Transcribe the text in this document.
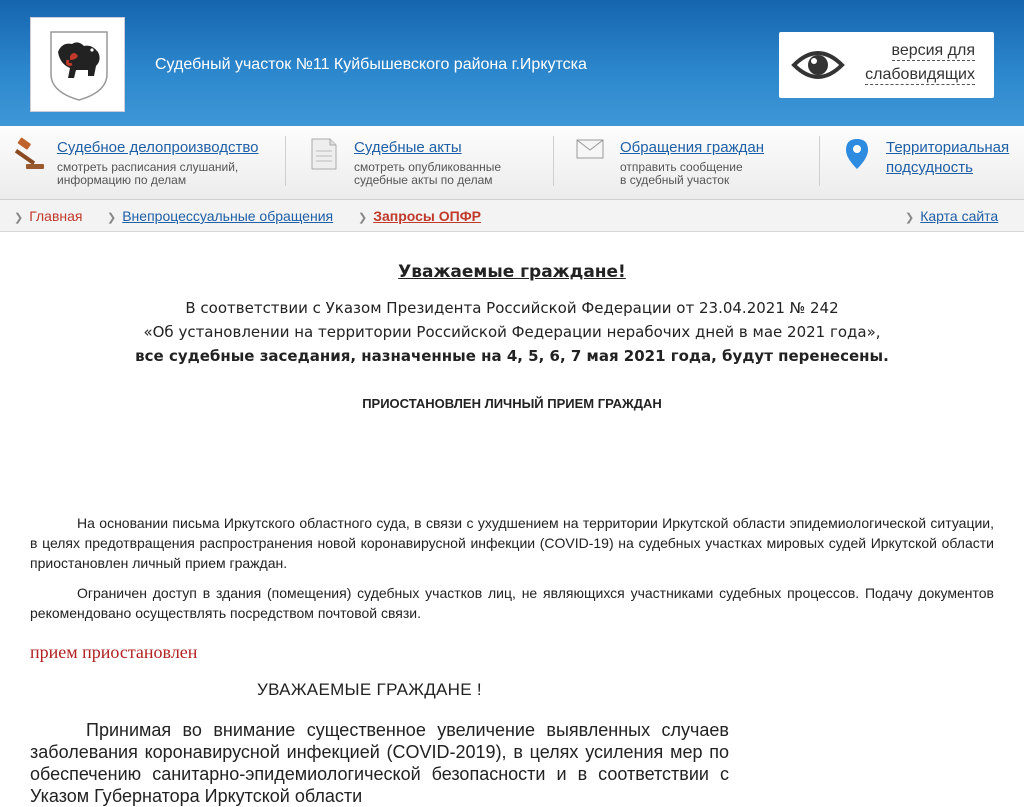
Судебный участок №11 Куйбышевского района г.Иркутска
версия для
слабовидящих
Судебное делопроизводство
смотреть расписания слушаний,
информацию по делам
Судебные акты
смотреть опубликованные
судебные акты по делам
Обращения граждан
отправить сообщение
в судебный участок
Территориальная
подсудность
❯ Главная ❯ Внепроцессуальные обращения ❯ Запросы ОПФР	❯ Карта сайта
Уважаемые граждане!
В соответствии с Указом Президента Российской Федерации от 23.04.2021 № 242
«Об установлении на территории Российской Федерации нерабочих дней в мае 2021 года»,
все судебные заседания, назначенные на 4, 5, 6, 7 мая 2021 года, будут перенесены.
ПРИОСТАНОВЛЕН ЛИЧНЫЙ ПРИЕМ ГРАЖДАН
На основании письма Иркутского областного суда, в связи с ухудшением на территории Иркутской области эпидемиологической ситуации, в целях предотвращения распространения новой коронавирусной инфекции (COVID-19) на судебных участках мировых судей Иркутской области приостановлен личный прием граждан.
Ограничен доступ в здания (помещения) судебных участков лиц, не являющихся участниками судебных процессов. Подачу документов рекомендовано осуществлять посредством почтовой связи.
прием приостановлен
УВАЖАЕМЫЕ ГРАЖДАНЕ !
Принимая во внимание существенное увеличение выявленных случаев заболевания коронавирусной инфекцией (COVID-2019), в целях усиления мер по обеспечению санитарно-эпидемиологической безопасности и в соответствии с Указом Губернатора Иркутской области
